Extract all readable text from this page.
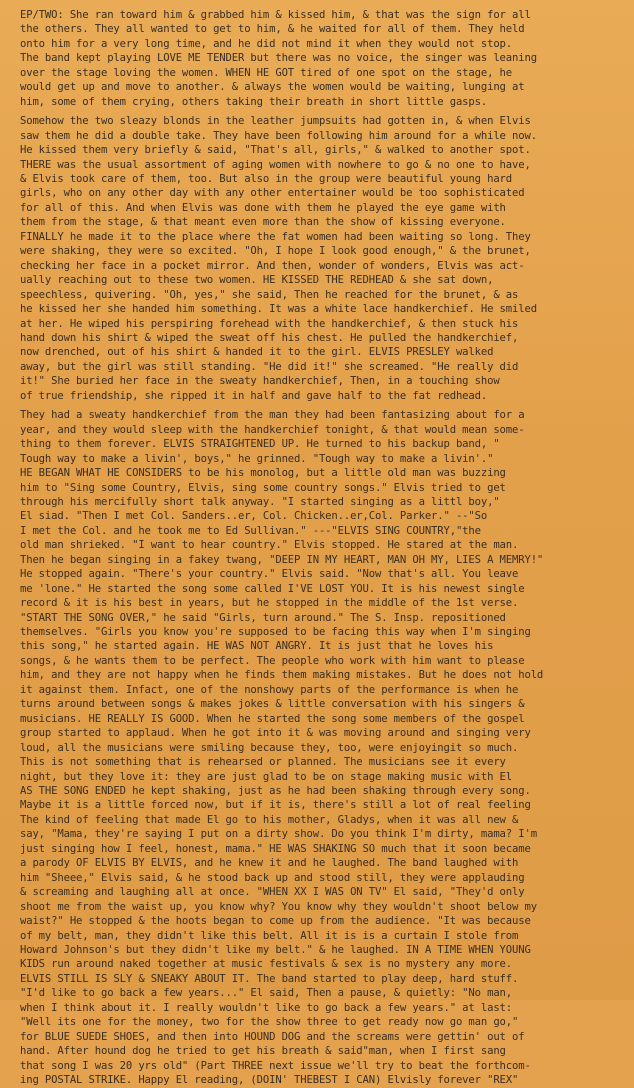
EP/TWO: She ran toward him & grabbed him & kissed him, & that was the sign for all
the others. They all wanted to get to him, & he waited for all of them. They held
onto him for a very long time, and he did not mind it when they would not stop.
The band kept playing LOVE ME TENDER but there was no voice, the singer was leaning
over the stage loving the women. WHEN HE GOT tired of one spot on the stage, he
would get up and move to another. & always the women would be waiting, lunging at
him, some of them crying, others taking their breath in short little gasps.
Somehow the two sleazy blonds in the leather jumpsuits had gotten in, & when Elvis
saw them he did a double take. They have been following him around for a while now.
He kissed them very briefly & said, "That's all, girls," & walked to another spot.
THERE was the usual assortment of aging women with nowhere to go & no one to have,
& Elvis took care of them, too. But also in the group were beautiful young hard
girls, who on any other day with any other entertainer would be too sophisticated
for all of this. And when Elvis was done with them he played the eye game with
them from the stage, & that meant even more than the show of kissing everyone.
FINALLY he made it to the place where the fat women had been waiting so long. They
were shaking, they were so excited. "Oh, I hope I look good enough," & the brunet,
checking her face in a pocket mirror. And then, wonder of wonders, Elvis was act-
ually reaching out to these two women. HE KISSED THE REDHEAD & she sat down,
speechless, quivering. "Oh, yes," she said, Then he reached for the brunet, & as
he kissed her she handed him something. It was a white lace handkerchief. He smiled
at her. He wiped his perspiring forehead with the handkerchief, & then stuck his
hand down his shirt & wiped the sweat off his chest. He pulled the handkerchief,
now drenched, out of his shirt & handed it to the girl. ELVIS PRESLEY walked
away, but the girl was still standing. "He did it!" she screamed. "He really did
it!" She buried her face in the sweaty handkerchief, Then, in a touching show
of true friendship, she ripped it in half and gave half to the fat redhead.
They had a sweaty handkerchief from the man they had been fantasizing about for a
year, and they would sleep with the handkerchief tonight, & that would mean some-
thing to them forever. ELVIS STRAIGHTENED UP. He turned to his backup band, "
Tough way to make a livin', boys," he grinned. "Tough way to make a livin'."
HE BEGAN WHAT HE CONSIDERS to be his monolog, but a little old man was buzzing
him to "Sing some Country, Elvis, sing some country songs." Elvis tried to get
through his mercifully short talk anyway. "I started singing as a littl boy,"
El siad. "Then I met Col. Sanders..er, Col. Chicken..er,Col. Parker." --"So
I met the Col. and he took me to Ed Sullivan." ---"ELVIS SING COUNTRY,"the
old man shrieked. "I want to hear country." Elvis stopped. He stared at the man.
Then he began singing in a fakey twang, "DEEP IN MY HEART, MAN OH MY, LIES A MEMRY!"
He stopped again. "There's your country." Elvis said. "Now that's all. You leave
me 'lone." He started the song some called I'VE LOST YOU. It is his newest single
record & it is his best in years, but he stopped in the middle of the 1st verse.
"START THE SONG OVER," he said "Girls, turn around." The S. Insp. repositioned
themselves. "Girls you know you're supposed to be facing this way when I'm singing
this song," he started again. HE WAS NOT ANGRY. It is just that he loves his
songs, & he wants them to be perfect. The people who work with him want to please
him, and they are not happy when he finds them making mistakes. But he does not hold
it against them. Infact, one of the nonshowy parts of the performance is when he
turns around between songs & makes jokes & little conversation with his singers &
musicians. HE REALLY IS GOOD. When he started the song some members of the gospel
group started to applaud. When he got into it & was moving around and singing very
loud, all the musicians were smiling because they, too, were enjoyingit so much.
This is not something that is rehearsed or planned. The musicians see it every
night, but they love it: they are just glad to be on stage making music with El
AS THE SONG ENDED he kept shaking, just as he had been shaking through every song.
Maybe it is a little forced now, but if it is, there's still a lot of real feeling
The kind of feeling that made El go to his mother, Gladys, when it was all new &
say, "Mama, they're saying I put on a dirty show. Do you think I'm dirty, mama? I'm
just singing how I feel, honest, mama." HE WAS SHAKING SO much that it soon became
a parody OF ELVIS BY ELVIS, and he knew it and he laughed. The band laughed with
him "Sheee," Elvis said, & he stood back up and stood still, they were applauding
& screaming and laughing all at once. "WHEN XX I WAS ON TV" El said, "They'd only
shoot me from the waist up, you know why? You know why they wouldn't shoot below my
waist?" He stopped & the hoots began to come up from the audience. "It was because
of my belt, man, they didn't like this belt. All it is is a curtain I stole from
Howard Johnson's but they didn't like my belt." & he laughed. IN A TIME WHEN YOUNG
KIDS run around naked together at music festivals & sex is no mystery any more.
ELVIS STILL IS SLY & SNEAKY ABOUT IT. The band started to play deep, hard stuff.
"I'd like to go back a few years..." El said, Then a pause, & quietly: "No man,
when I think about it. I really wouldn't like to go back a few years." at last:
"Well its one for the money, two for the show three to get ready now go man go,"
for BLUE SUEDE SHOES, and then into HOUND DOG and the screams were gettin' out of
hand. After hound dog he tried to get his breath & said"man, when I first sang
that song I was 20 yrs old" (Part THREE next issue we'll try to beat the forthcom-
ing POSTAL STRIKE. Happy El reading, (DOIN' THEBEST I CAN) Elvisly forever "REX"
